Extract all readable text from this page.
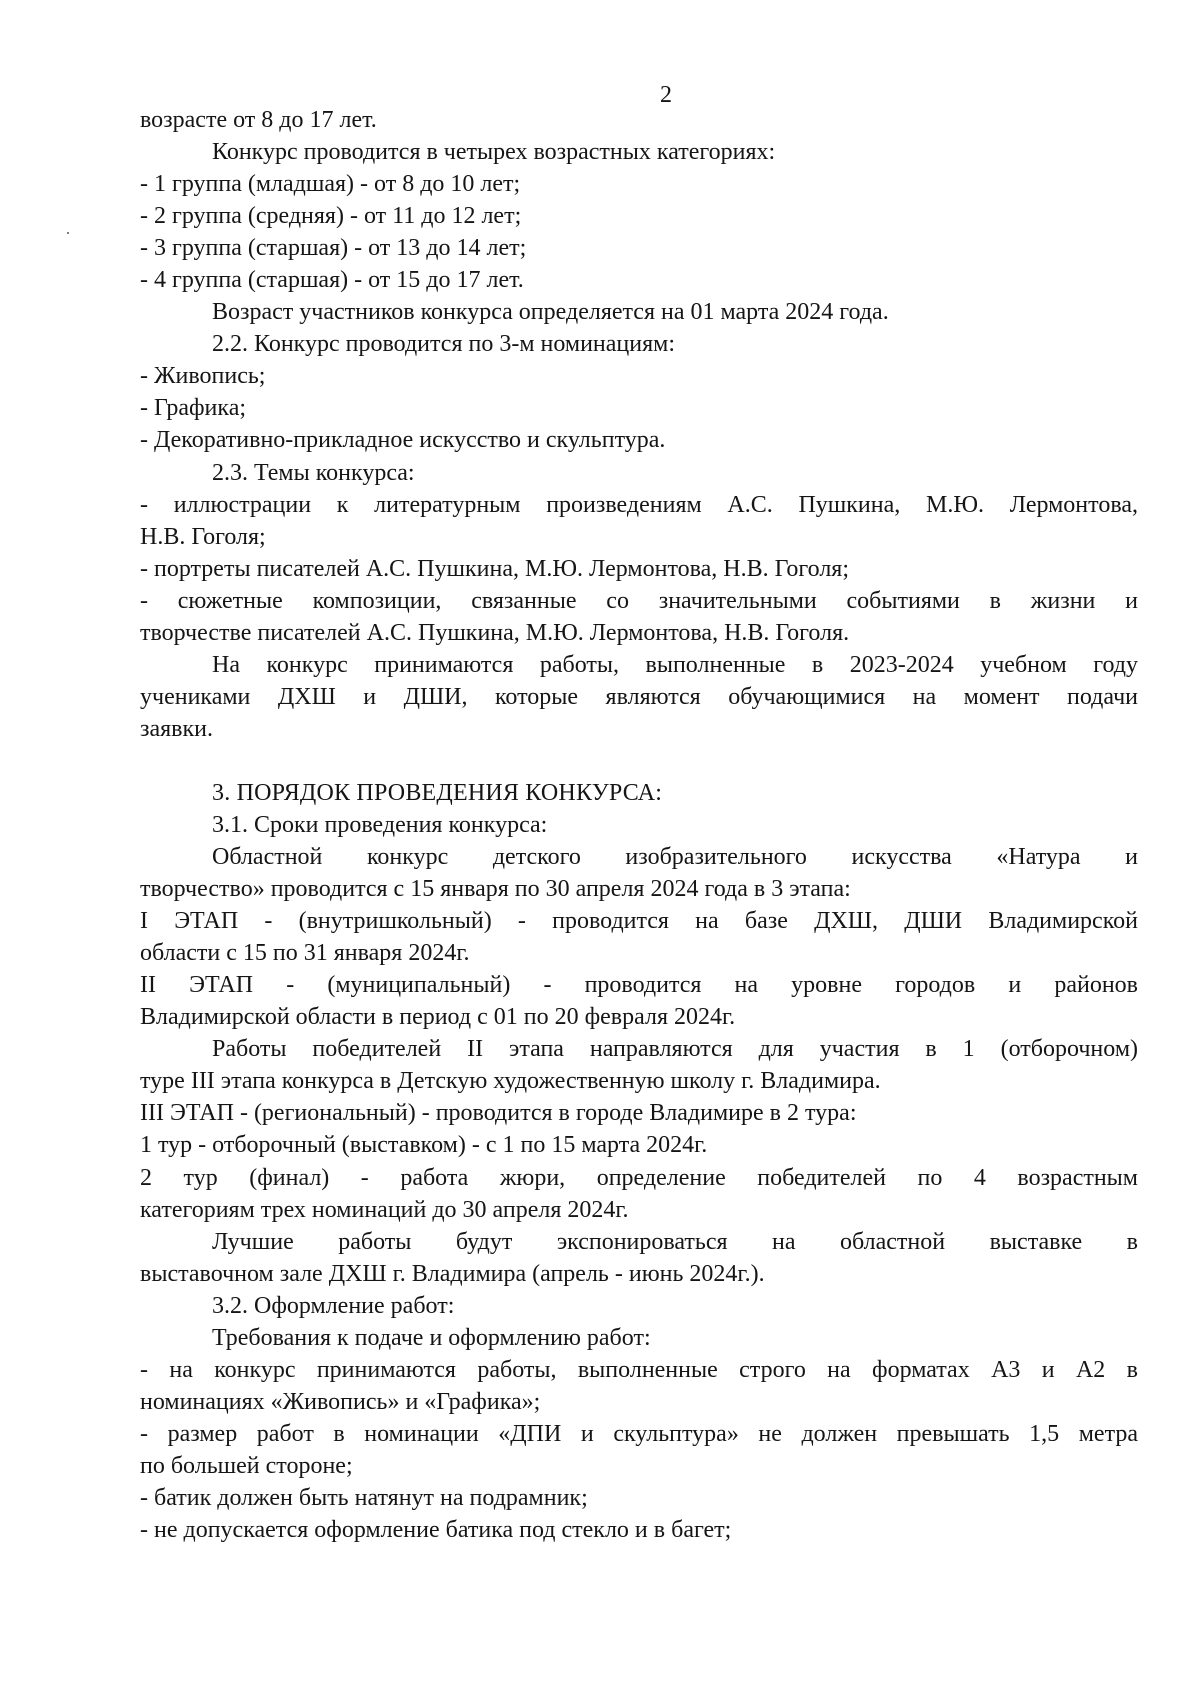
2
возрасте от 8 до 17 лет.
Конкурс проводится в четырех возрастных категориях:
- 1 группа (младшая) - от 8 до 10 лет;
- 2 группа (средняя) - от 11 до 12 лет;
- 3 группа (старшая) - от 13 до 14 лет;
- 4 группа (старшая) - от 15 до 17 лет.
Возраст участников конкурса определяется на 01 марта 2024 года.
2.2. Конкурс проводится по 3-м номинациям:
- Живопись;
- Графика;
- Декоративно-прикладное искусство и скульптура.
2.3. Темы конкурса:
- иллюстрации к литературным произведениям А.С. Пушкина, М.Ю. Лермонтова,
Н.В. Гоголя;
- портреты писателей А.С. Пушкина, М.Ю. Лермонтова, Н.В. Гоголя;
- сюжетные композиции, связанные со значительными событиями в жизни и
творчестве писателей А.С. Пушкина, М.Ю. Лермонтова, Н.В. Гоголя.
На конкурс принимаются работы, выполненные в 2023-2024 учебном году
учениками ДХШ и ДШИ, которые являются обучающимися на момент подачи
заявки.
3. ПОРЯДОК ПРОВЕДЕНИЯ КОНКУРСА:
3.1. Сроки проведения конкурса:
Областной конкурс детского изобразительного искусства «Натура и
творчество» проводится с 15 января по 30 апреля 2024 года в 3 этапа:
I ЭТАП - (внутришкольный) - проводится на базе ДХШ, ДШИ Владимирской
области с 15 по 31 января 2024г.
II ЭТАП - (муниципальный) - проводится на уровне городов и районов
Владимирской области в период с 01 по 20 февраля 2024г.
Работы победителей II этапа направляются для участия в 1 (отборочном)
туре III этапа конкурса в Детскую художественную школу г. Владимира.
III ЭТАП - (региональный) - проводится в городе Владимире в 2 тура:
1 тур - отборочный (выставком) - с 1 по 15 марта 2024г.
2 тур (финал) - работа жюри, определение победителей по 4 возрастным
категориям трех номинаций до 30 апреля 2024г.
Лучшие работы будут экспонироваться на областной выставке в
выставочном зале ДХШ г. Владимира (апрель - июнь 2024г.).
3.2. Оформление работ:
Требования к подаче и оформлению работ:
- на конкурс принимаются работы, выполненные строго на форматах А3 и А2 в
номинациях «Живопись» и «Графика»;
- размер работ в номинации «ДПИ и скульптура» не должен превышать 1,5 метра
по большей стороне;
- батик должен быть натянут на подрамник;
- не допускается оформление батика под стекло и в багет;
